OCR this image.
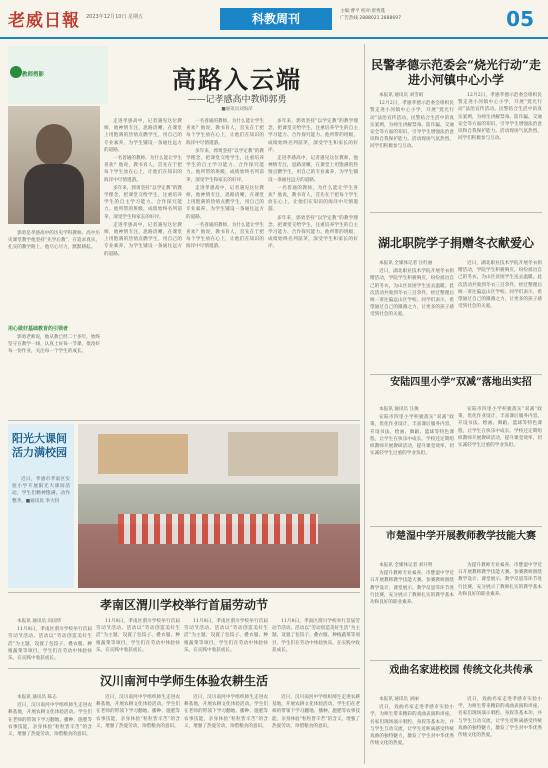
老威日報 2023年12月10日 星期五	科教周刊
主编:曹平 校对:唐秀蔓
广告热线 2888021 2888697	05
教师剪影	高路入云端
——记孝感高中教师郭勇
■通讯员刘海萍

郭勇是孝感高中的历史学科教师。高中历史课堂教学他坚持“先学后教”，在追求真实、扎实的教学路上，他尽心尽力，默默耕耘。

用心做好基础教育的引领者

郭勇老师说，他从教已经二十多年，始终坚守在教学一线，认真上好每一节课，批改好每一份作业，关注每一个学生的成长。

走进孝感高中，记者遇见这位教师，他神情专注，思路清晰，在课堂上用饱满的热情点燃学生，用自己的专业素养，为学生铺设一条通往远方的道路。

一名普通的教师，为什么能让学生喜欢？他说，教书育人，首先在于把每个学生放在心上，让他们在知识的海洋中尽情遨游。

多年来，郭勇坚持“以学定教”的教学理念，把课堂交给学生，注重培养学生的自主学习能力、合作探究能力。他所带的班级，成绩始终名列前茅，深受学生和家长的好评。

走进孝感高中，记者遇见这位教师，他神情专注，思路清晰，在课堂上用饱满的热情点燃学生，用自己的专业素养，为学生铺设一条通往远方的道路。

一名普通的教师，为什么能让学生喜欢？他说，教书育人，首先在于把每个学生放在心上，让他们在知识的海洋中尽情遨游。

多年来，郭勇坚持“以学定教”的教学理念，把课堂交给学生，注重培养学生的自主学习能力、合作探究能力。他所带的班级，成绩始终名列前茅，深受学生和家长的好评。

走进孝感高中，记者遇见这位教师，他神情专注，思路清晰，在课堂上用饱满的热情点燃学生，用自己的专业素养，为学生铺设一条通往远方的道路。

一名普通的教师，为什么能让学生喜欢？他说，教书育人，首先在于把每个学生放在心上，让他们在知识的海洋中尽情遨游。

多年来，郭勇坚持“以学定教”的教学理念，把课堂交给学生，注重培养学生的自主学习能力、合作探究能力。他所带的班级，成绩始终名列前茅，深受学生和家长的好评。

走进孝感高中，记者遇见这位教师，他神情专注，思路清晰，在课堂上用饱满的热情点燃学生，用自己的专业素养，为学生铺设一条通往远方的道路。

一名普通的教师，为什么能让学生喜欢？他说，教书育人，首先在于把每个学生放在心上，让他们在知识的海洋中尽情遨游。

多年来，郭勇坚持“以学定教”的教学理念，把课堂交给学生，注重培养学生的自主学习能力、合作探究能力。他所带的班级，成绩始终名列前茅，深受学生和家长的好评。

民警孝德示范委会“烧光行动”走进小河镇中心小学

本报讯 通讯员 刘雪娟

12月2日，孝感孝德示范委会组织民警走进小河镇中心小学，开展“烧光行动”法治宣传活动。民警结合生活中的真实案例，为师生讲解禁毒、防诈骗、交通安全等方面的知识，引导学生增强法治意识和自我保护能力。活动现场气氛热烈，同学们积极参与互动。

12月2日，孝感孝德示范委会组织民警走进小河镇中心小学，开展“烧光行动”法治宣传活动。民警结合生活中的真实案例，为师生讲解禁毒、防诈骗、交通安全等方面的知识，引导学生增强法治意识和自我保护能力。活动现场气氛热烈，同学们积极参与互动。

湖北职院学子捐赠冬衣献爱心

本报讯 全媒体记者 汪红丽

近日，湖北职业技术学院开展冬衣捐赠活动，学院学生积极响应，纷纷捐出自己的冬衣，为山区贫困学生送去温暖。此次活动共收到冬衣三百余件，经过整理后统一寄往偏远山区学校。同学们表示，希望通过自己的微薄之力，让更多的孩子感受到社会的关爱。

近日，湖北职业技术学院开展冬衣捐赠活动，学院学生积极响应，纷纷捐出自己的冬衣，为山区贫困学生送去温暖。此次活动共收到冬衣三百余件，经过整理后统一寄往偏远山区学校。同学们表示，希望通过自己的微薄之力，让更多的孩子感受到社会的关爱。

安陆四里小学“双减”落地出实招

本报讯 通讯员 汪俊

安陆市四里小学积极落实“双减”政策，优化作业设计，丰富课后服务内容，开设书法、绘画、舞蹈、篮球等特色课程，让学生在快乐中成长。学校还定期组织教师开展教研活动，提升课堂效率，切实减轻学生过重的学业负担。

安陆市四里小学积极落实“双减”政策，优化作业设计，丰富课后服务内容，开设书法、绘画、舞蹈、篮球等特色课程，让学生在快乐中成长。学校还定期组织教师开展教研活动，提升课堂效率，切实减轻学生过重的学业负担。

市楚湿中学开展教师教学技能大赛

本报讯 全媒体记者 刘开明

为提升教师专业素养，市楚湿中学近日开展教师教学技能大赛。参赛教师围绕教学设计、课堂展示、教学反思等环节进行比赛，充分展示了教师扎实的教学基本功和良好的职业素养。

为提升教师专业素养，市楚湿中学近日开展教师教学技能大赛。参赛教师围绕教学设计、课堂展示、教学反思等环节进行比赛，充分展示了教师扎实的教学基本功和良好的职业素养。

戏曲名家进校园 传统文化共传承

本报讯 通讯员 刘丽

近日，戏曲名家走进孝感市实验小学，为师生带来精彩的戏曲表演和讲座。名家们现场演示唱腔、身段等基本功，并与学生互动交流，让学生近距离感受传统戏曲的独特魅力，激发了学生对中华优秀传统文化的热爱。

近日，戏曲名家走进孝感市实验小学，为师生带来精彩的戏曲表演和讲座。名家们现场演示唱腔、身段等基本功，并与学生互动交流，让学生近距离感受传统戏曲的独特魅力，激发了学生对中华优秀传统文化的热爱。

阳光大课间 活力满校园

近日，孝感市孝南区实验小学开展阳光大课间活动，学生们精神饱满，动作整齐。■通讯员 李大钊

孝南区渭川学校举行首届劳动节

本报讯 通讯员 向国华

11月8日，孝南区渭川学校举行首届劳动节活动。活动以“劳动创造美好生活”为主题，设置了包饺子、叠衣服、种植蔬菜等项目，学生们在劳动中体验快乐，在实践中收获成长。

11月8日，孝南区渭川学校举行首届劳动节活动。活动以“劳动创造美好生活”为主题，设置了包饺子、叠衣服、种植蔬菜等项目，学生们在劳动中体验快乐，在实践中收获成长。

11月8日，孝南区渭川学校举行首届劳动节活动。活动以“劳动创造美好生活”为主题，设置了包饺子、叠衣服、种植蔬菜等项目，学生们在劳动中体验快乐，在实践中收获成长。

11月8日，孝南区渭川学校举行首届劳动节活动。活动以“劳动创造美好生活”为主题，设置了包饺子、叠衣服、种植蔬菜等项目，学生们在劳动中体验快乐，在实践中收获成长。

汉川南河中学师生体验农耕生活

本报讯 通讯员 陈志

近日，汉川南河中学组织师生走进农耕基地，开展农耕文化体验活动。学生们在老师的带领下学习翻地、播种、施肥等农事技能，亲身体验“粒粒皆辛苦”的含义，增强了热爱劳动、珍惜粮食的意识。

近日，汉川南河中学组织师生走进农耕基地，开展农耕文化体验活动。学生们在老师的带领下学习翻地、播种、施肥等农事技能，亲身体验“粒粒皆辛苦”的含义，增强了热爱劳动、珍惜粮食的意识。

近日，汉川南河中学组织师生走进农耕基地，开展农耕文化体验活动。学生们在老师的带领下学习翻地、播种、施肥等农事技能，亲身体验“粒粒皆辛苦”的含义，增强了热爱劳动、珍惜粮食的意识。

近日，汉川南河中学组织师生走进农耕基地，开展农耕文化体验活动。学生们在老师的带领下学习翻地、播种、施肥等农事技能，亲身体验“粒粒皆辛苦”的含义，增强了热爱劳动、珍惜粮食的意识。
